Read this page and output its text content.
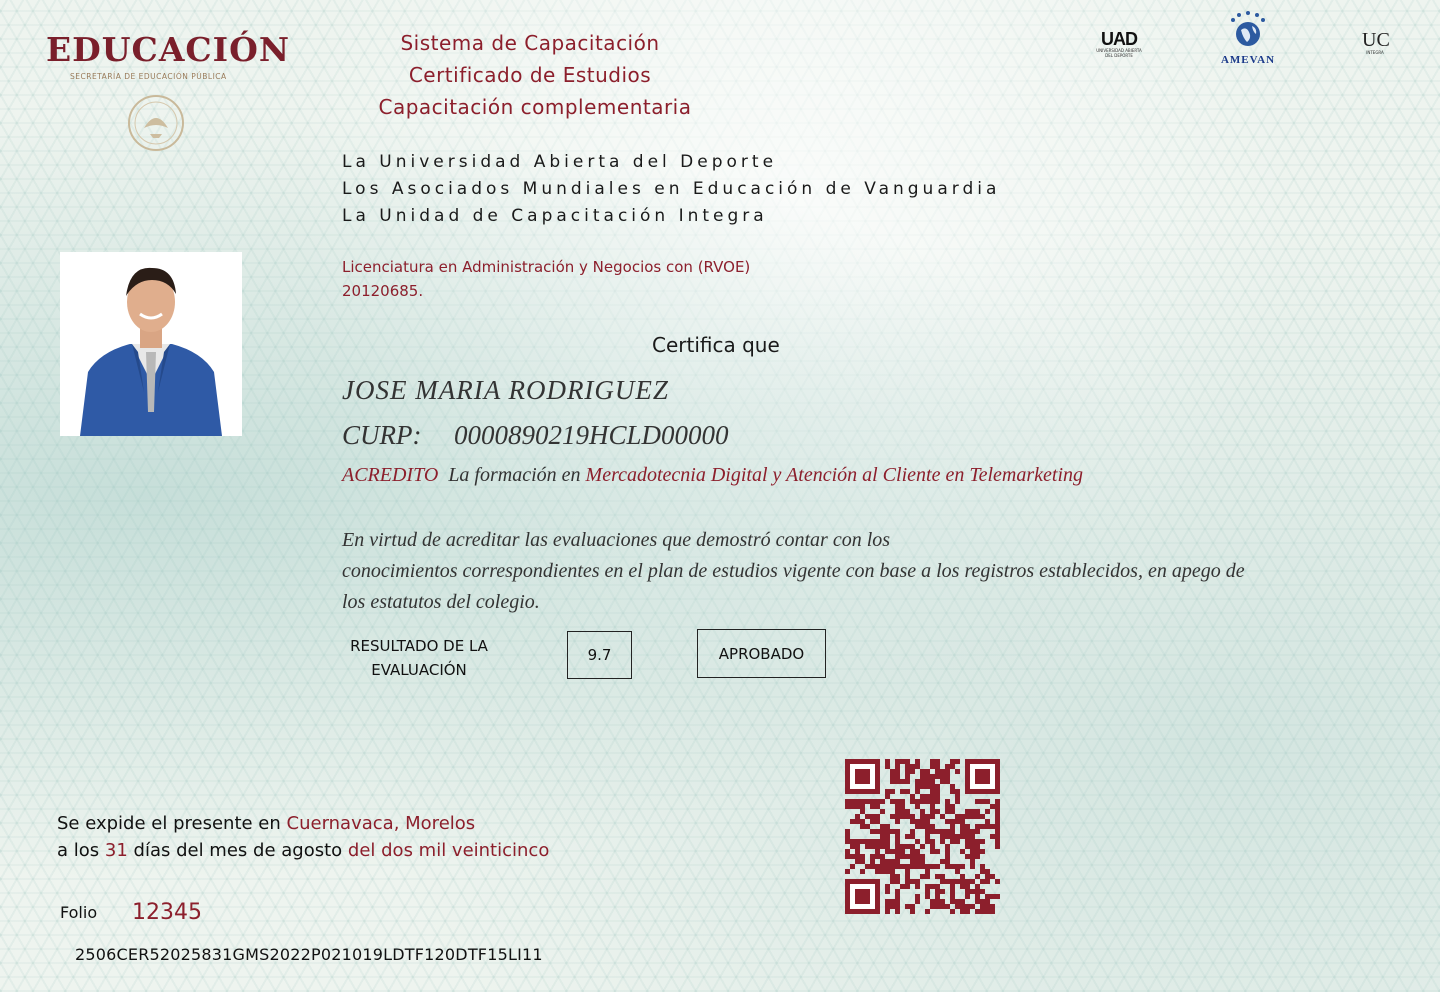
EDUCACIÓN
SECRETARÍA DE EDUCACIÓN PÚBLICA
UAD
UNIVERSIDAD ABIERTA DEL DEPORTE	AMEVAN
UC
INTEGRA
Sistema de Capacitación
Certificado de Estudios
Capacitación complementaria
La Universidad Abierta del Deporte
Los Asociados Mundiales en Educación de Vanguardia
La Unidad de Capacitación Integra
Licenciatura en Administración y Negocios con (RVOE)
20120685.
Certifica que
JOSE MARIA RODRIGUEZ
CURP: 0000890219HCLD00000
ACREDITO La formación en Mercadotecnia Digital y Atención al Cliente en Telemarketing
En virtud de acreditar las evaluaciones que demostró contar con los
conocimientos correspondientes en el plan de estudios vigente con base a los registros establecidos, en apego de
los estatutos del colegio.
RESULTADO DE LA
EVALUACIÓN
9.7	APROBADO
Se expide el presente en Cuernavaca, Morelos
a los 31 días del mes de agosto del dos mil veinticinco
Folio 12345
2506CER52025831GMS2022P021019LDTF120DTF15LI11
